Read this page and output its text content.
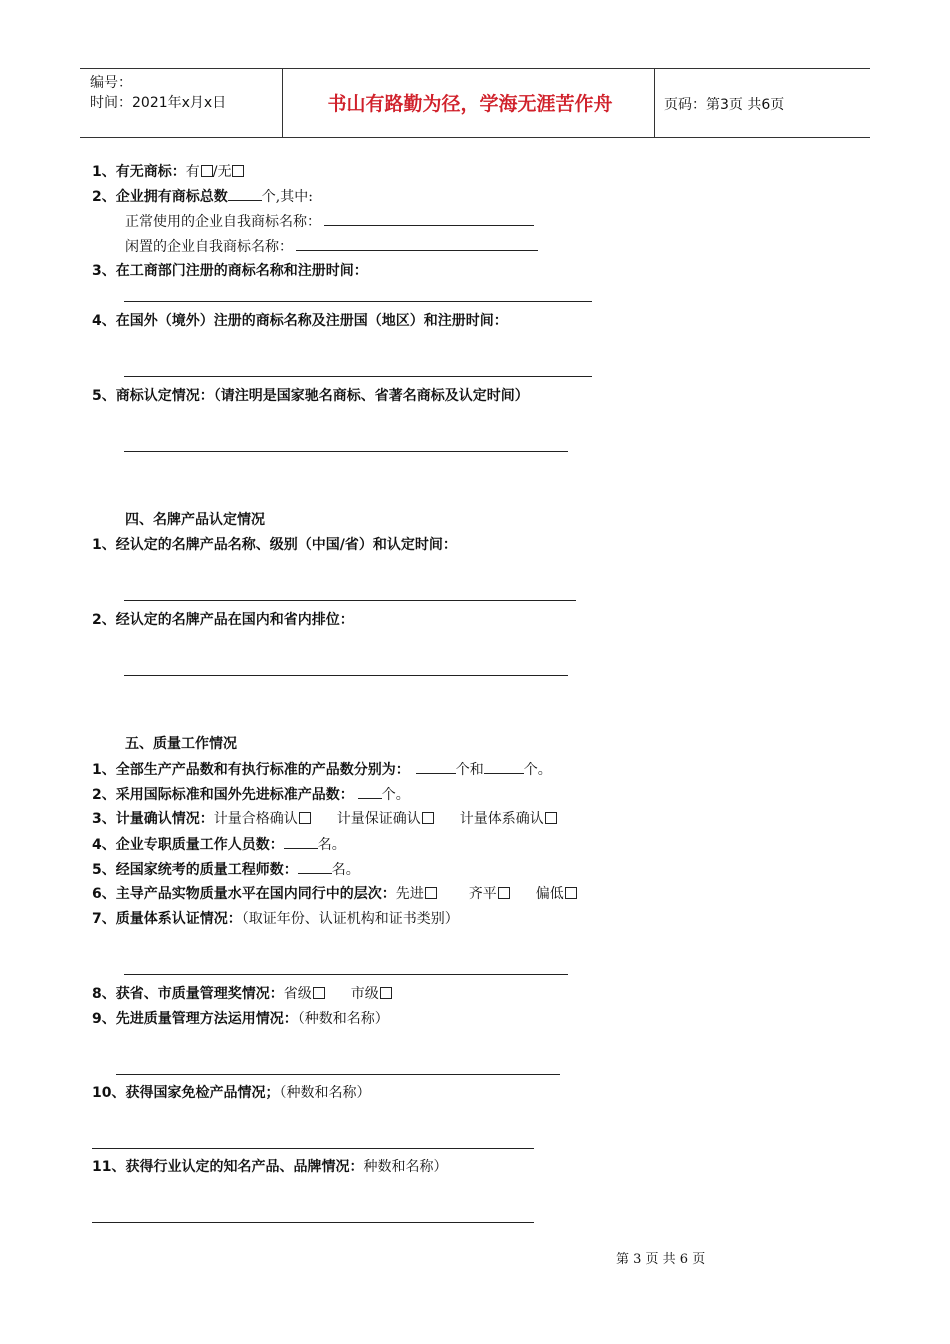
编号：
时间：2021年x月x日	书山有路勤为径，学海无涯苦作舟	页码：第3页 共6页
1、有无商标：有 /无
2、企业拥有商标总数 个,其中:
正常使用的企业自我商标名称：
闲置的企业自我商标名称：
3、在工商部门注册的商标名称和注册时间：
4、在国外（境外）注册的商标名称及注册国（地区）和注册时间：
5、商标认定情况：（请注明是国家驰名商标、省著名商标及认定时间）
四、名牌产品认定情况
1、经认定的名牌产品名称、级别（中国/省）和认定时间：
2、经认定的名牌产品在国内和省内排位：
五、质量工作情况
1、全部生产产品数和有执行标准的产品数分别为：	个和	个。
2、采用国际标准和国外先进标准产品数： 个。
3、计量确认情况：计量合格确认	计量保证确认	计量体系确认
4、企业专职质量工作人员数： 名。
5、经国家统考的质量工程师数： 名。
6、主导产品实物质量水平在国内同行中的层次：先进	齐平	偏低
7、质量体系认证情况：（取证年份、认证机构和证书类别）
8、获省、市质量管理奖情况：省级	市级
9、先进质量管理方法运用情况：（种数和名称）
10、获得国家免检产品情况；（种数和名称）
11、获得行业认定的知名产品、品牌情况：种数和名称）
第 3 页 共 6 页
